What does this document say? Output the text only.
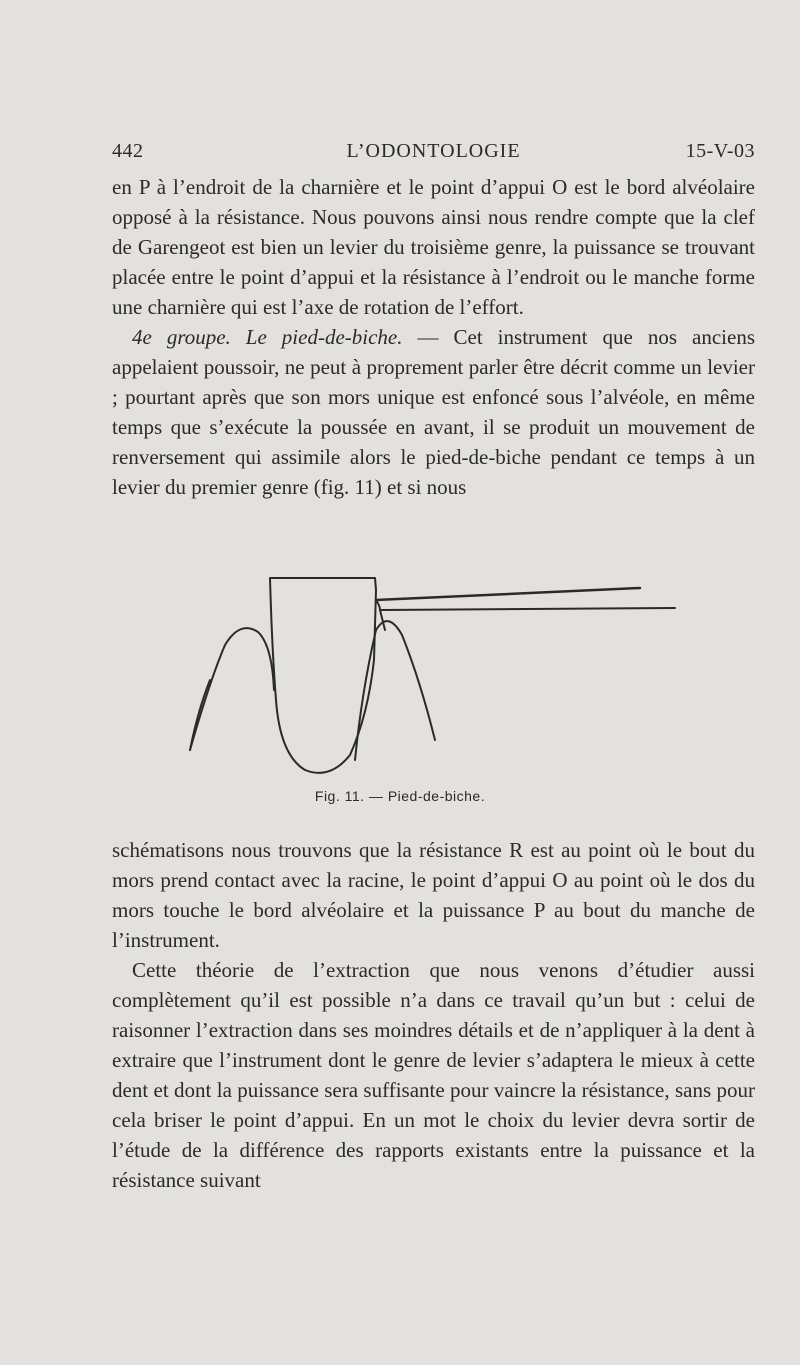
442	L’ODONTOLOGIE	15-V-03

en P à l’endroit de la charnière et le point d’appui O est le bord alvéolaire opposé à la résistance. Nous pouvons ainsi nous rendre compte que la clef de Garengeot est bien un levier du troisième genre, la puissance se trouvant placée entre le point d’appui et la résistance à l’endroit ou le manche forme une charnière qui est l’axe de rotation de l’effort.

4e groupe. Le pied-de-biche. — Cet instrument que nos anciens appelaient poussoir, ne peut à proprement parler être décrit comme un levier ; pourtant après que son mors unique est enfoncé sous l’alvéole, en même temps que s’exécute la poussée en avant, il se produit un mouvement de renversement qui assimile alors le pied-de-biche pendant ce temps à un levier du premier genre (fig. 11) et si nous

Fig. 11. — Pied-de-biche.

schématisons nous trouvons que la résistance R est au point où le bout du mors prend contact avec la racine, le point d’appui O au point où le dos du mors touche le bord alvéolaire et la puissance P au bout du manche de l’instrument.

Cette théorie de l’extraction que nous venons d’étudier aussi complètement qu’il est possible n’a dans ce travail qu’un but : celui de raisonner l’extraction dans ses moindres détails et de n’appliquer à la dent à extraire que l’instrument dont le genre de levier s’adaptera le mieux à cette dent et dont la puissance sera suffisante pour vaincre la résistance, sans pour cela briser le point d’appui. En un mot le choix du levier devra sortir de l’étude de la différence des rapports existants entre la puissance et la résistance suivant
